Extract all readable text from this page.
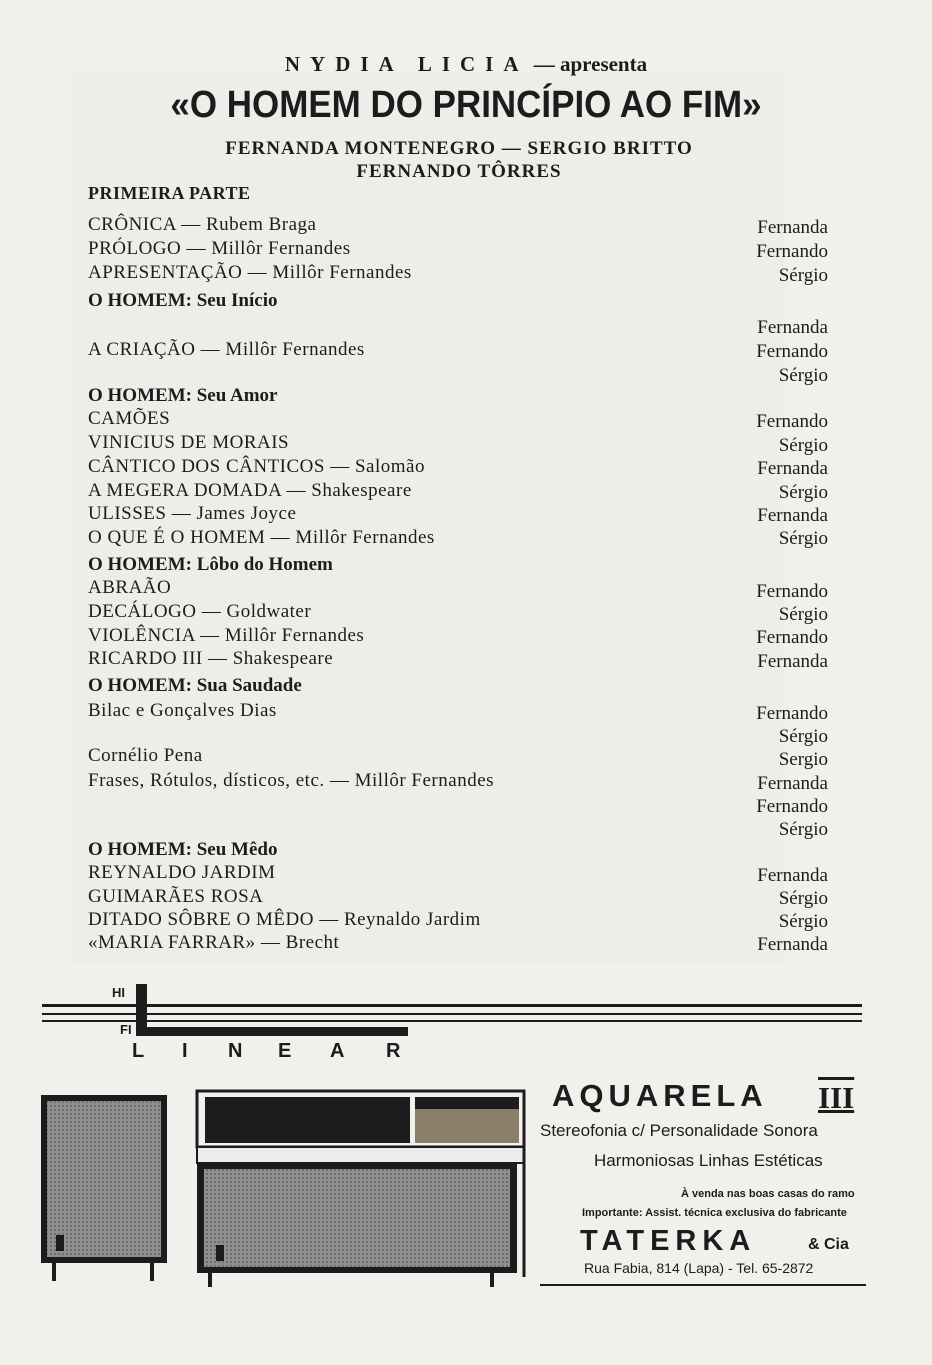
NYDIA LICIA — apresenta
«O HOMEM DO PRINCÍPIO AO FIM»
FERNANDA MONTENEGRO — SERGIO BRITTO
FERNANDO TÔRRES
PRIMEIRA PARTE
CRÔNICA — Rubem Braga
PRÓLOGO — Millôr Fernandes
APRESENTAÇÃO — Millôr Fernandes
O HOMEM: Seu Início
A CRIAÇÃO — Millôr Fernandes
O HOMEM: Seu Amor
CAMÕES
VINICIUS DE MORAIS
CÂNTICO DOS CÂNTICOS — Salomão
A MEGERA DOMADA — Shakespeare
ULISSES — James Joyce
O QUE É O HOMEM — Millôr Fernandes
O HOMEM: Lôbo do Homem
ABRAÃO
DECÁLOGO — Goldwater
VIOLÊNCIA — Millôr Fernandes
RICARDO III — Shakespeare
O HOMEM: Sua Saudade
Bilac e Gonçalves Dias
Cornélio Pena
Frases, Rótulos, dísticos, etc. — Millôr Fernandes
O HOMEM: Seu Mêdo
REYNALDO JARDIM
GUIMARÃES ROSA
DITADO SÔBRE O MÊDO — Reynaldo Jardim
«MARIA FARRAR» — Brecht
Fernanda
Fernando
Sérgio
Fernanda
Fernando
Sérgio
Fernando
Sérgio
Fernanda
Sérgio
Fernanda
Sérgio
Fernando
Sérgio
Fernando
Fernanda
Fernando
Sérgio
Sergio
Fernanda
Fernando
Sérgio
Fernanda
Sérgio
Sérgio
Fernanda
HI
FI
L I N E A R
AQUARELA III
Stereofonia c/ Personalidade Sonora
Harmoniosas Linhas Estéticas
À venda nas boas casas do ramo
Importante: Assist. técnica exclusiva do fabricante
TATERKA	& Cia
Rua Fabia, 814 (Lapa) - Tel. 65-2872
